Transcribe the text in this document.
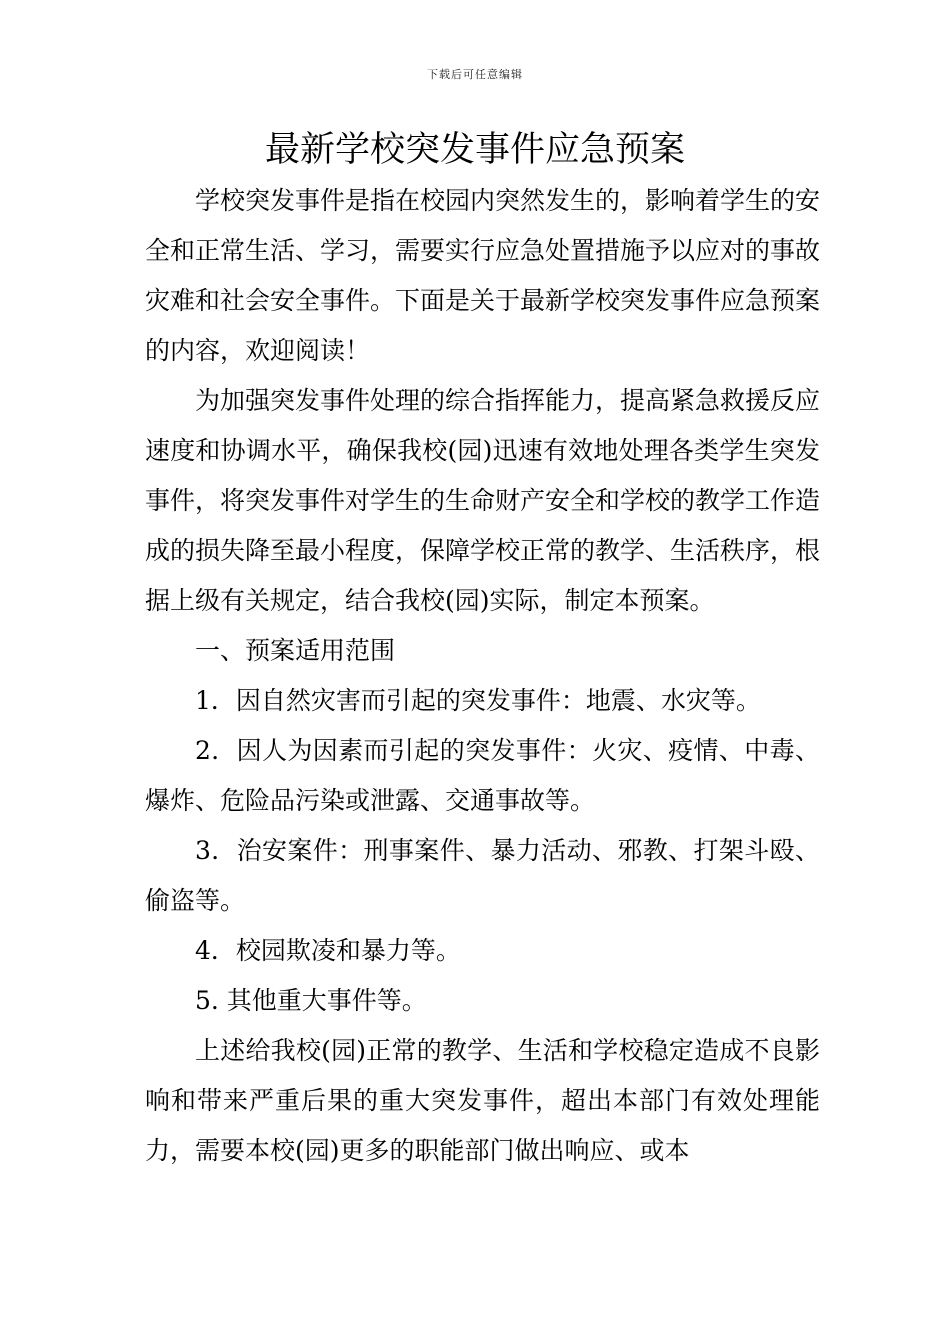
下载后可任意编辑
最新学校突发事件应急预案

学校突发事件是指在校园内突然发生的，影响着学生的安全和正常生活、学习，需要实行应急处置措施予以应对的事故灾难和社会安全事件。下面是关于最新学校突发事件应急预案的内容，欢迎阅读！

为加强突发事件处理的综合指挥能力，提高紧急救援反应速度和协调水平，确保我校(园)迅速有效地处理各类学生突发事件，将突发事件对学生的生命财产安全和学校的教学工作造成的损失降至最小程度，保障学校正常的教学、生活秩序，根据上级有关规定，结合我校(园)实际，制定本预案。

一、预案适用范围

1．因自然灾害而引起的突发事件：地震、水灾等。

2．因人为因素而引起的突发事件：火灾、疫情、中毒、爆炸、危险品污染或泄露、交通事故等。

3．治安案件：刑事案件、暴力活动、邪教、打架斗殴、偷盗等。

4．校园欺凌和暴力等。

5. 其他重大事件等。

上述给我校(园)正常的教学、生活和学校稳定造成不良影响和带来严重后果的重大突发事件，超出本部门有效处理能力，需要本校(园)更多的职能部门做出响应、或本
